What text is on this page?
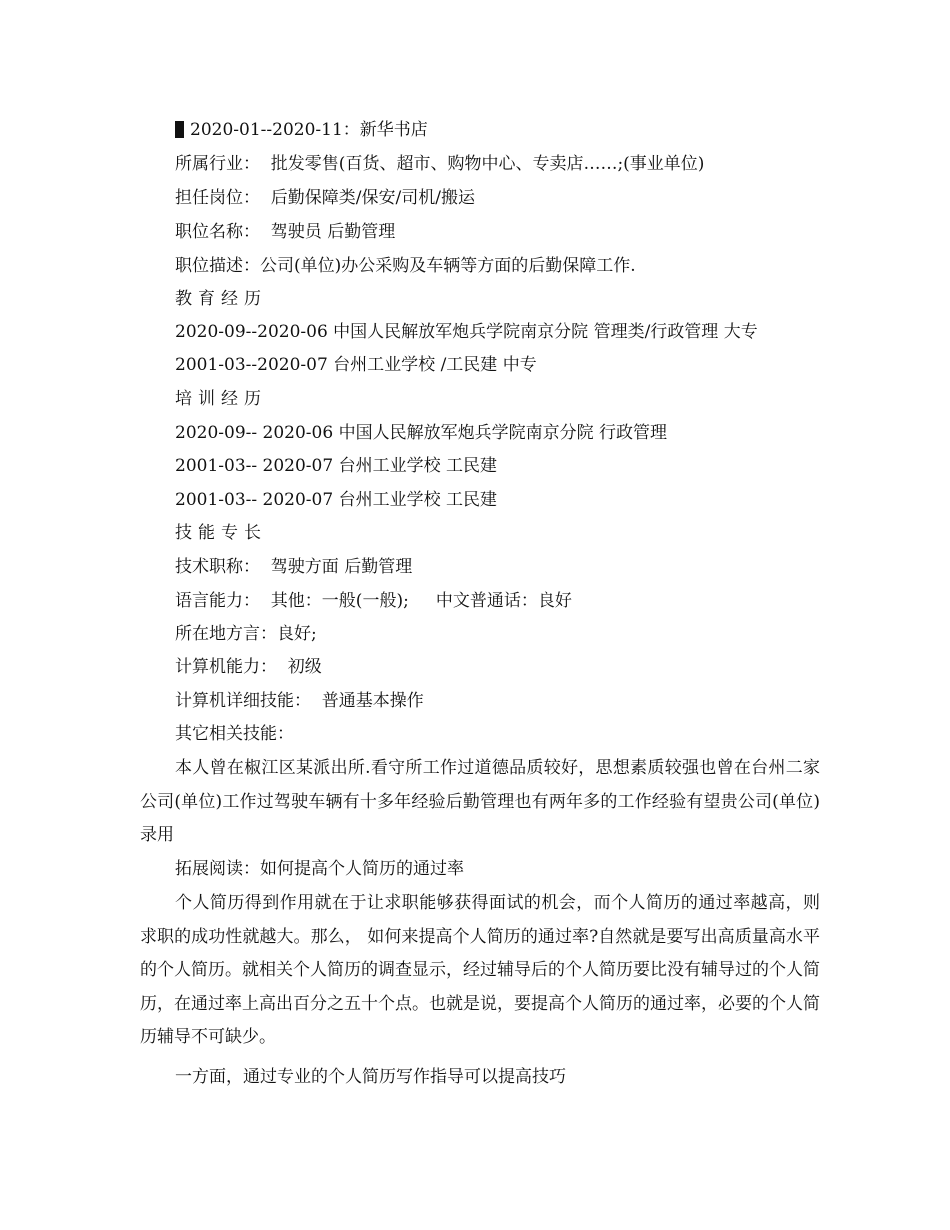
2020-01--2020-11：新华书店
所属行业：  批发零售(百货、超市、购物中心、专卖店……;(事业单位)
担任岗位：  后勤保障类/保安/司机/搬运
职位名称：  驾驶员 后勤管理
职位描述：公司(单位)办公采购及车辆等方面的后勤保障工作.
教育经历
2020-09--2020-06 中国人民解放军炮兵学院南京分院 管理类/行政管理 大专
2001-03--2020-07 台州工业学校 /工民建 中专
培训经历
2020-09-- 2020-06 中国人民解放军炮兵学院南京分院 行政管理
2001-03-- 2020-07 台州工业学校 工民建
2001-03-- 2020-07 台州工业学校 工民建
技能专长
技术职称：  驾驶方面 后勤管理
语言能力：  其他：一般(一般);     中文普通话：良好
所在地方言：良好;
计算机能力：  初级
计算机详细技能：  普通基本操作
其它相关技能：

本人曾在椒江区某派出所.看守所工作过道德品质较好，思想素质较强也曾在台州二家公司(单位)工作过驾驶车辆有十多年经验后勤管理也有两年多的工作经验有望贵公司(单位)录用

拓展阅读：如何提高个人简历的通过率

个人简历得到作用就在于让求职能够获得面试的机会，而个人简历的通过率越高，则求职的成功性就越大。那么， 如何来提高个人简历的通过率?自然就是要写出高质量高水平的个人简历。就相关个人简历的调查显示，经过辅导后的个人简历要比没有辅导过的个人简历，在通过率上高出百分之五十个点。也就是说，要提高个人简历的通过率，必要的个人简历辅导不可缺少。

一方面，通过专业的个人简历写作指导可以提高技巧
